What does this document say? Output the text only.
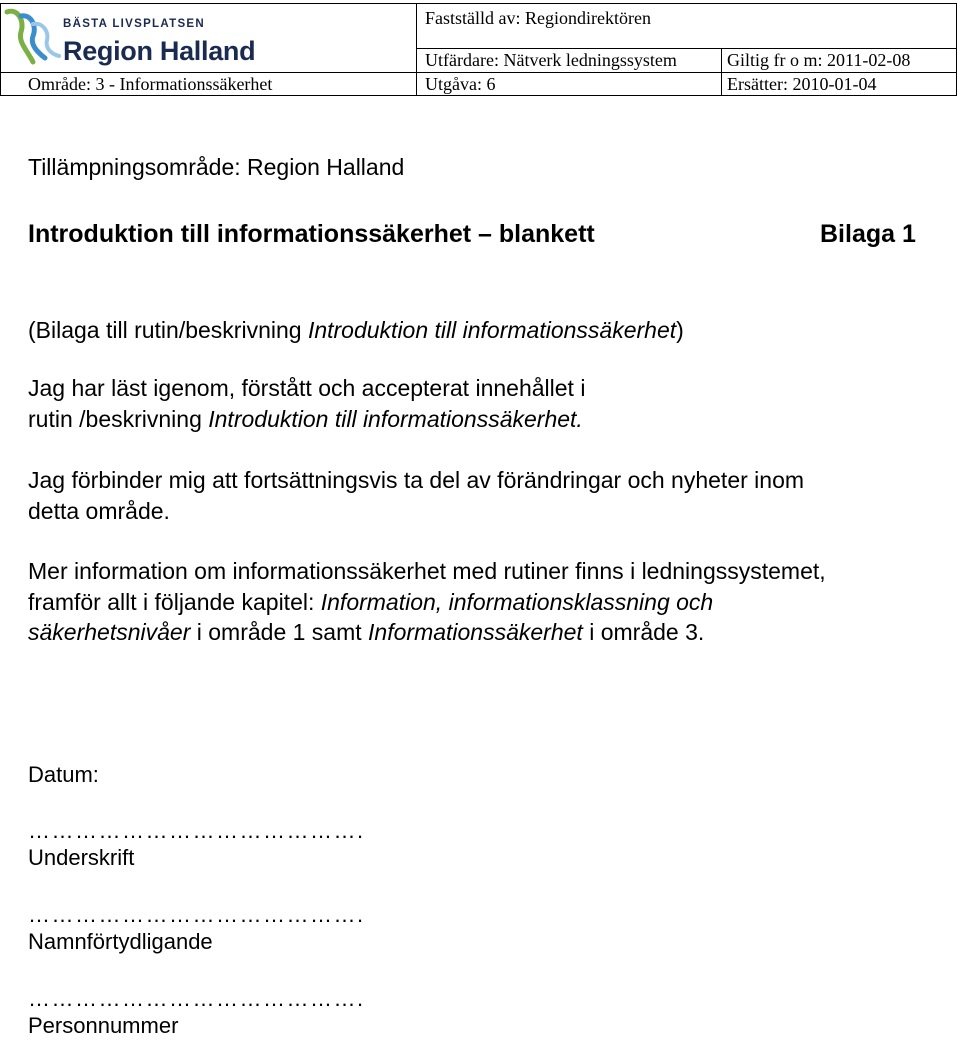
BÄSTA LIVSPLATSEN
Region Halland
Fastställd av: Regiondirektören
Utfärdare: Nätverk ledningssystem	Giltig fr o m: 2011-02-08
Område: 3 - Informationssäkerhet	Utgåva: 6	Ersätter: 2010-01-04
Tillämpningsområde: Region Halland
Introduktion till informationssäkerhet – blankett	Bilaga 1
(Bilaga till rutin/beskrivning Introduktion till informationssäkerhet)
Jag har läst igenom, förstått och accepterat innehållet i
rutin /beskrivning Introduktion till informationssäkerhet.
Jag förbinder mig att fortsättningsvis ta del av förändringar och nyheter inom
detta område.
Mer information om informationssäkerhet med rutiner finns i ledningssystemet,
framför allt i följande kapitel: Information, informationsklassning och
säkerhetsnivåer i område 1 samt Informationssäkerhet i område 3.
Datum:
…………………………………….
Underskrift
…………………………………….
Namnförtydligande
…………………………………….
Personnummer
